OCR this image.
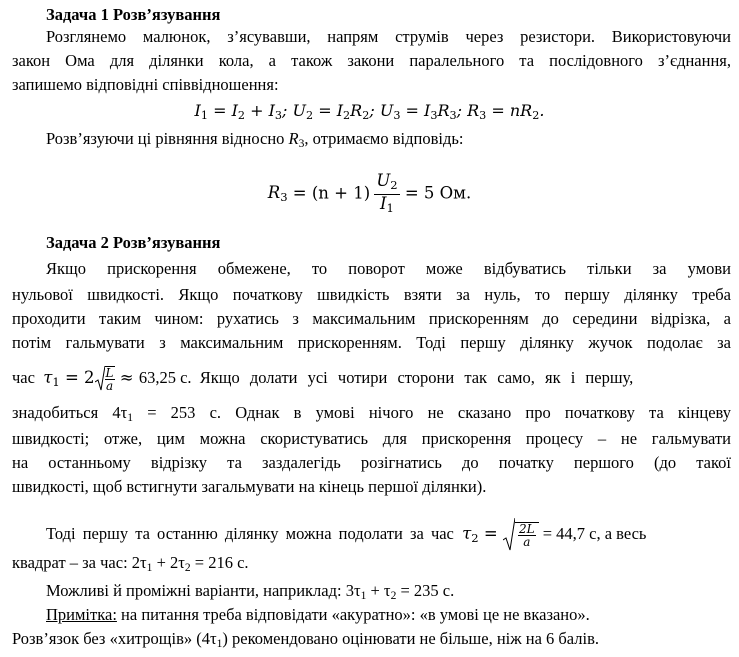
Задача 1 Розв’язування
Розглянемо малюнок, з’ясувавши, напрям струмів через резистори. Використовуючи
закон Ома для ділянки кола, а також закони паралельного та послідовного з’єднання,
запишемо відповідні співвідношення:
$I_1 = I_2 + I_3$; $U_2 = I_2R_2$; $U_3 = I_3R_3$; $R_3 = nR_2$.
Розв’язуючи ці рівняння відносно $R_3$, отримаємо відповідь:
$R_3 = (n + 1) \frac{U_2}{I_1} = 5$ Ом.
Задача 2 Розв’язування
Якщо прискорення обмежене, то поворот може відбуватись тільки за умови
нульової швидкості. Якщо початкову швидкість взяти за нуль, то першу ділянку треба
проходити таким чином: рухатись з максимальним прискоренням до середини відрізка, а
потім гальмувати з максимальним прискоренням. Тоді першу ділянку жучок подолає за
час $\tau_1 = 2 \frac{L}{a} \approx 63,25$ с. Якщо долати усі чотири сторони так само, як і першу,
знадобиться $4\tau_1 = 253$ с. Однак в умові нічого не сказано про початкову та кінцеву
швидкості; отже, цим можна скористуватись для прискорення процесу – не гальмувати
на останньому відрізку та заздалегідь розігнатись до початку першого (до такої
швидкості, щоб встигнути загальмувати на кінець першої ділянки).
Тоді першу та останню ділянку можна подолати за час $\tau_2 = \frac{2L}{a} = 44,7$ с, а весь
квадрат – за час: $2\tau_1 + 2\tau_2 = 216$ с.
Можливі й проміжні варіанти, наприклад: $3\tau_1 + \tau_2 = 235$ с.
Примітка: на питання треба відповідати «акуратно»: «в умові це не вказано».
Розв’язок без «хитрощів» $(4\tau_1)$ рекомендовано оцінювати не більше, ніж на 6 балів.
